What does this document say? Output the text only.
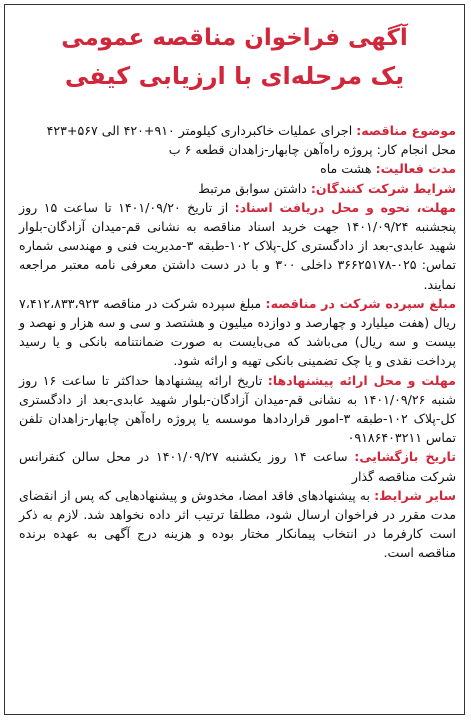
آگهی فراخوان مناقصه عمومی
یک مرحله‌ای با ارزیابی کیفی
موضوع مناقصه: اجرای عملیات خاکبرداری کیلومتر ۹۱۰+۴۲۰ الی ۵۶۷+۴۲۳
محل انجام کار: پروژه راه‌آهن چابهار-زاهدان قطعه ۶ ب
مدت فعالیت: هشت ماه
شرایط شرکت کنندگان: داشتن سوابق مرتبط
مهلت، نحوه و محل دریافت اسناد: از تاریخ ۱۴۰۱/۰۹/۲۰ تا ساعت ۱۵ روز پنجشنبه ۱۴۰۱/۰۹/۲۴ جهت خرید اسناد مناقصه به نشانی قم-میدان آزادگان-بلوار شهید عابدی-بعد از دادگستری کل-پلاک ۱۰۲-طبقه ۳-مدیریت فنی و مهندسی شماره تماس: ۰۲۵-۳۶۶۲۵۱۷۸ داخلی ۳۰۰ و با در دست داشتن معرفی نامه معتبر مراجعه نمایند.
مبلغ سپرده شرکت در مناقصه: مبلغ سپرده شرکت در مناقصه ۷،۴۱۲،۸۳۳،۹۲۳ ریال (هفت میلیارد و چهارصد و دوازده میلیون و هشتصد و سی و سه هزار و نهصد و بیست و سه ریال) می‌باشد که می‌بایست به صورت ضمانتنامه بانکی و یا رسید پرداخت نقدی و یا چک تضمینی بانکی تهیه و ارائه شود.
مهلت و محل ارائه پیشنهادها: تاریخ ارائه پیشنهادها حداکثر تا ساعت ۱۶ روز شنبه ۱۴۰۱/۰۹/۲۶ به نشانی قم-میدان آزادگان-بلوار شهید عابدی-بعد از دادگستری کل-پلاک ۱۰۲-طبقه ۳-امور قراردادها موسسه یا پروژه راه‌آهن چابهار-زاهدان تلفن تماس ۰۹۱۸۶۴۰۳۲۱۱
تاریخ بازگشایی: ساعت ۱۴ روز یکشنبه ۱۴۰۱/۰۹/۲۷ در محل سالن کنفرانس شرکت مناقصه گذار
سایر شرایط: به پیشنهادهای فاقد امضا، مخدوش و پیشنهادهایی که پس از انقضای مدت مقرر در فراخوان ارسال شود، مطلقا ترتیب اثر داده نخواهد شد. لازم به ذکر است کارفرما در انتخاب پیمانکار مختار بوده و هزینه درج آگهی به عهده برنده مناقصه است.
